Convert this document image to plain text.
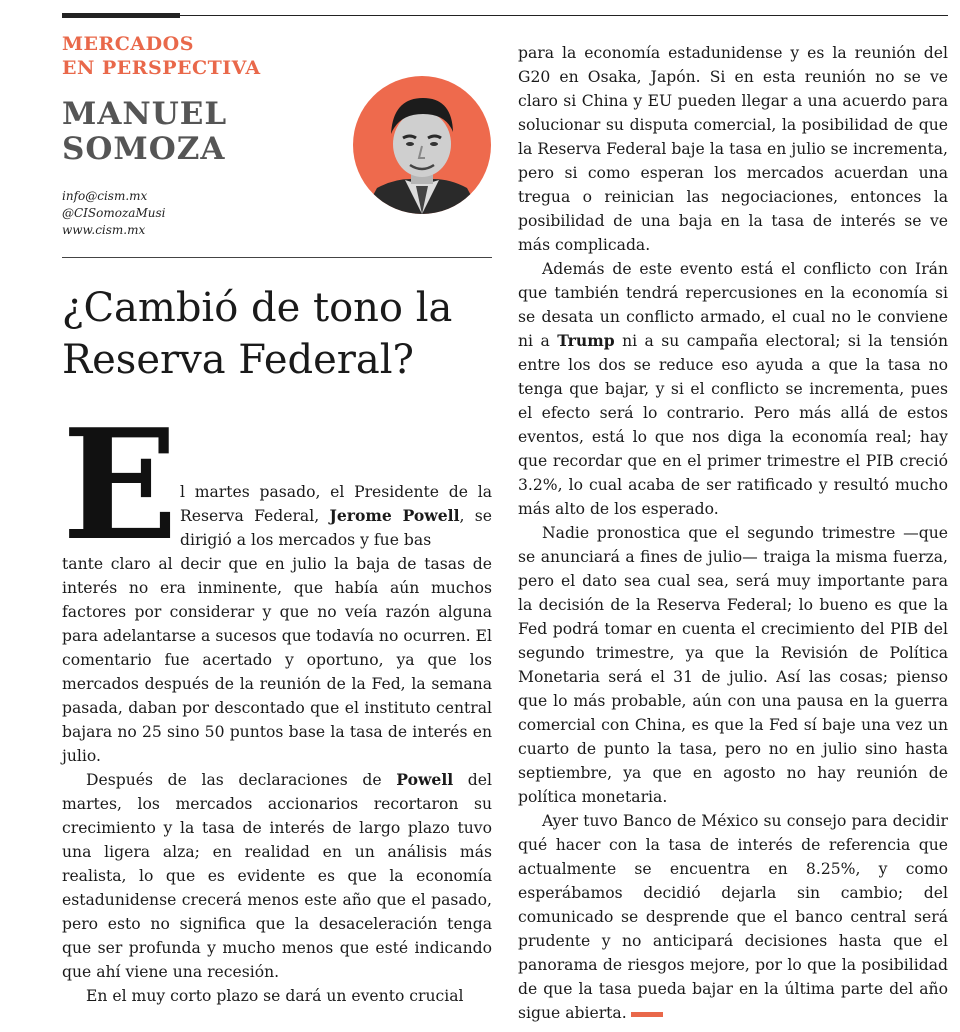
MERCADOS
EN PERSPECTIVA
MANUEL
SOMOZA
info@cism.mx
@CISomozaMusi
www.cism.mx
¿Cambió de tono la
Reserva Federal?
E l martes pasado, el Presidente de la Reserva Federal, Jerome Powell, se dirigió a los mercados y fue bas

tante claro al decir que en julio la baja de tasas de interés no era inminente, que había aún muchos factores por considerar y que no veía razón alguna para adelantarse a sucesos que todavía no ocurren. El comentario fue acertado y oportuno, ya que los mercados después de la reunión de la Fed, la semana pasada, daban por descontado que el instituto central bajara no 25 sino 50 puntos base la tasa de interés en julio.

Después de las declaraciones de Powell del martes, los mercados accionarios recortaron su crecimiento y la tasa de interés de largo plazo tuvo una ligera alza; en realidad en un análisis más realista, lo que es evidente es que la economía estadunidense crecerá menos este año que el pasado, pero esto no significa que la desaceleración tenga que ser profunda y mucho menos que esté indicando que ahí viene una recesión.

En el muy corto plazo se dará un evento crucial

para la economía estadunidense y es la reunión del G20 en Osaka, Japón. Si en esta reunión no se ve claro si China y EU pueden llegar a una acuerdo para solucionar su disputa comercial, la posibilidad de que la Reserva Federal baje la tasa en julio se incrementa, pero si como esperan los mercados acuerdan una tregua o reinician las negociaciones, entonces la posibilidad de una baja en la tasa de interés se ve más complicada.

Además de este evento está el conflicto con Irán que también tendrá repercusiones en la economía si se desata un conflicto armado, el cual no le conviene ni a Trump ni a su campaña electoral; si la tensión entre los dos se reduce eso ayuda a que la tasa no tenga que bajar, y si el conflicto se incrementa, pues el efecto será lo contrario. Pero más allá de estos eventos, está lo que nos diga la economía real; hay que recordar que en el primer trimestre el PIB creció 3.2%, lo cual acaba de ser ratificado y resultó mucho más alto de los esperado.

Nadie pronostica que el segundo trimestre —que se anunciará a fines de julio— traiga la misma fuerza, pero el dato sea cual sea, será muy importante para la decisión de la Reserva Federal; lo bueno es que la Fed podrá tomar en cuenta el crecimiento del PIB del segundo trimestre, ya que la Revisión de Política Monetaria será el 31 de julio. Así las cosas; pienso que lo más probable, aún con una pausa en la guerra comercial con China, es que la Fed sí baje una vez un cuarto de punto la tasa, pero no en julio sino hasta septiembre, ya que en agosto no hay reunión de política monetaria.

Ayer tuvo Banco de México su consejo para decidir qué hacer con la tasa de interés de referencia que actualmente se encuentra en 8.25%, y como esperábamos decidió dejarla sin cambio; del comunicado se desprende que el banco central será prudente y no anticipará decisiones hasta que el panorama de riesgos mejore, por lo que la posibilidad de que la tasa pueda bajar en la última parte del año sigue abierta.
